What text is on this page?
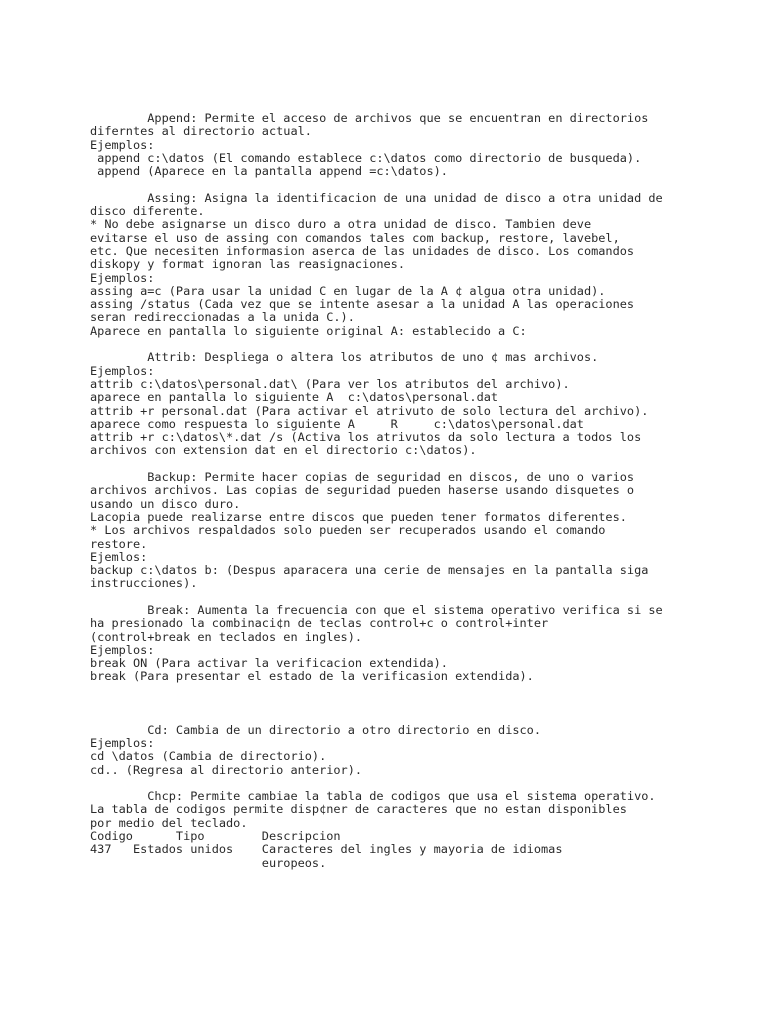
Append: Permite el acceso de archivos que se encuentran en directorios
diferntes al directorio actual.
Ejemplos:
append c:\datos (El comando establece c:\datos como directorio de busqueda).
append (Aparece en la pantalla append =c:\datos).
Assing: Asigna la identificacion de una unidad de disco a otra unidad de
disco diferente.
* No debe asignarse un disco duro a otra unidad de disco. Tambien deve
evitarse el uso de assing con comandos tales com backup, restore, lavebel,
etc. Que necesiten informasion aserca de las unidades de disco. Los comandos
diskopy y format ignoran las reasignaciones.
Ejemplos:
assing a=c (Para usar la unidad C en lugar de la A ¢ algua otra unidad).
assing /status (Cada vez que se intente asesar a la unidad A las operaciones
seran redireccionadas a la unida C.).
Aparece en pantalla lo siguiente original A: establecido a C:
Attrib: Despliega o altera los atributos de uno ¢ mas archivos.
Ejemplos:
attrib c:\datos\personal.dat\ (Para ver los atributos del archivo).
aparece en pantalla lo siguiente A  c:\datos\personal.dat
attrib +r personal.dat (Para activar el atrivuto de solo lectura del archivo).
aparece como respuesta lo siguiente A     R     c:\datos\personal.dat
attrib +r c:\datos\*.dat /s (Activa los atrivutos da solo lectura a todos los
archivos con extension dat en el directorio c:\datos).
Backup: Permite hacer copias de seguridad en discos, de uno o varios
archivos archivos. Las copias de seguridad pueden haserse usando disquetes o
usando un disco duro.
Lacopia puede realizarse entre discos que pueden tener formatos diferentes.
* Los archivos respaldados solo pueden ser recuperados usando el comando
restore.
Ejemlos:
backup c:\datos b: (Despus aparacera una cerie de mensajes en la pantalla siga
instrucciones).
Break: Aumenta la frecuencia con que el sistema operativo verifica si se
ha presionado la combinaci¢n de teclas control+c o control+inter
(control+break en teclados en ingles).
Ejemplos:
break ON (Para activar la verificacion extendida).
break (Para presentar el estado de la verificasion extendida).
Cd: Cambia de un directorio a otro directorio en disco.
Ejemplos:
cd \datos (Cambia de directorio).
cd.. (Regresa al directorio anterior).
Chcp: Permite cambiae la tabla de codigos que usa el sistema operativo.
La tabla de codigos permite disp¢ner de caracteres que no estan disponibles
por medio del teclado.
Codigo      Tipo        Descripcion
437   Estados unidos    Caracteres del ingles y mayoria de idiomas
europeos.
